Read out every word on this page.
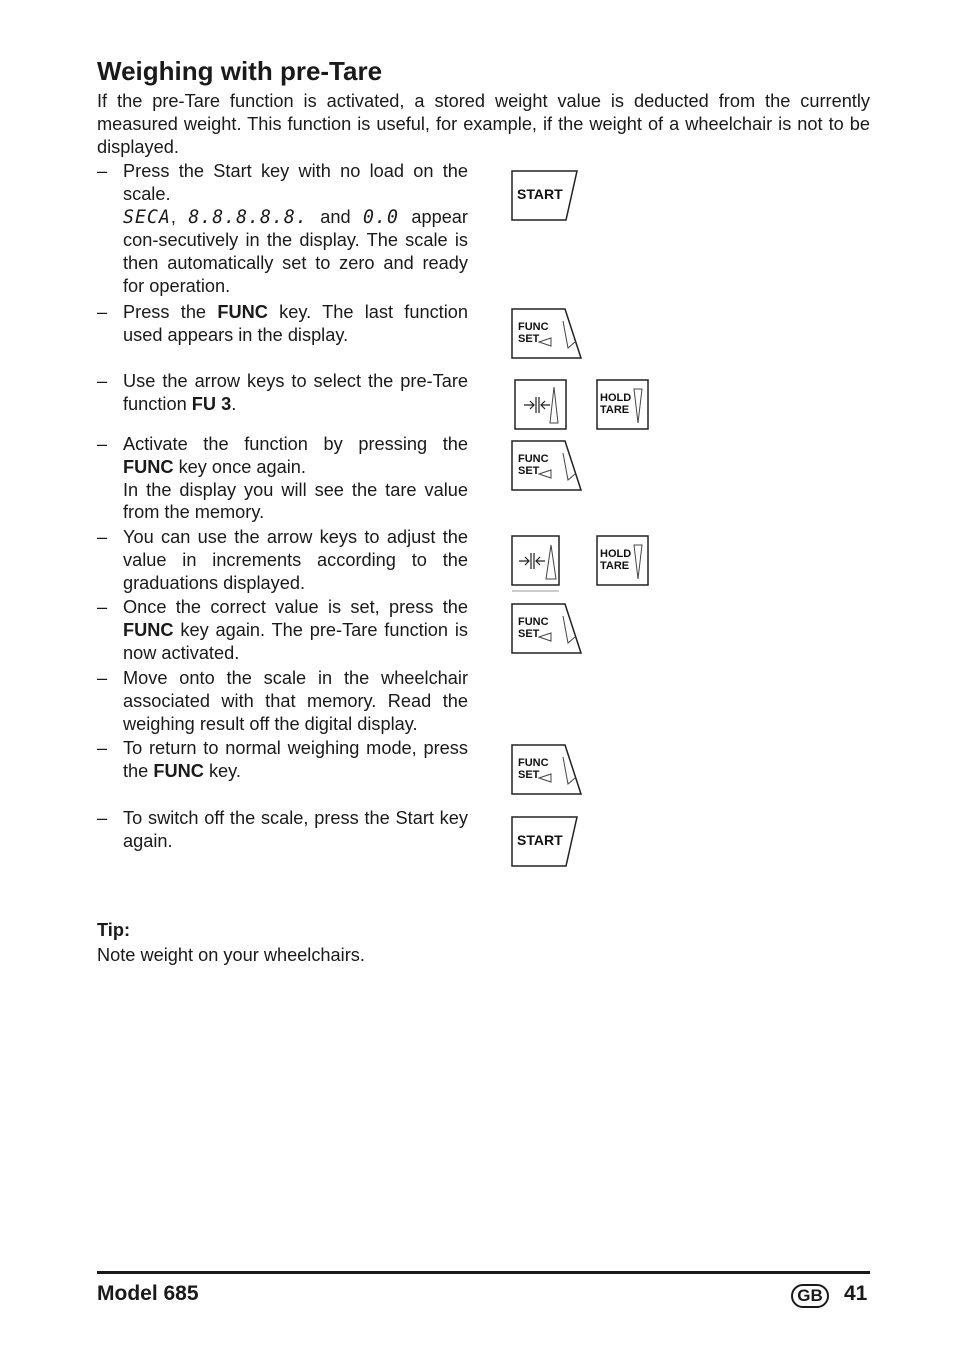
Weighing with pre-Tare

If the pre-Tare function is activated, a stored weight value is deducted from the currently measured weight. This function is useful, for example, if the weight of a wheelchair is not to be displayed.

– Press the Start key with no load on the scale.
SECA, 8.8.8.8.8. and 0.0 appear con-secutively in the display. The scale is then automatically set to zero and ready for operation.
– Press the FUNC key. The last function used appears in the display.
– Use the arrow keys to select the pre-Tare function FU 3.
– Activate the function by pressing the FUNC key once again.
In the display you will see the tare value from the memory.
– You can use the arrow keys to adjust the value in increments according to the graduations displayed.
– Once the correct value is set, press the FUNC key again. The pre-Tare function is now activated.
– Move onto the scale in the wheelchair associated with that memory. Read the weighing result off the digital display.
– To return to normal weighing mode, press the FUNC key.
– To switch off the scale, press the Start key again.
START
FUNC
SET
HOLD
TARE
FUNC
SET
HOLD
TARE
FUNC
SET
FUNC
SET
START
Tip:
Note weight on your wheelchairs.
Model 685	GB 41
